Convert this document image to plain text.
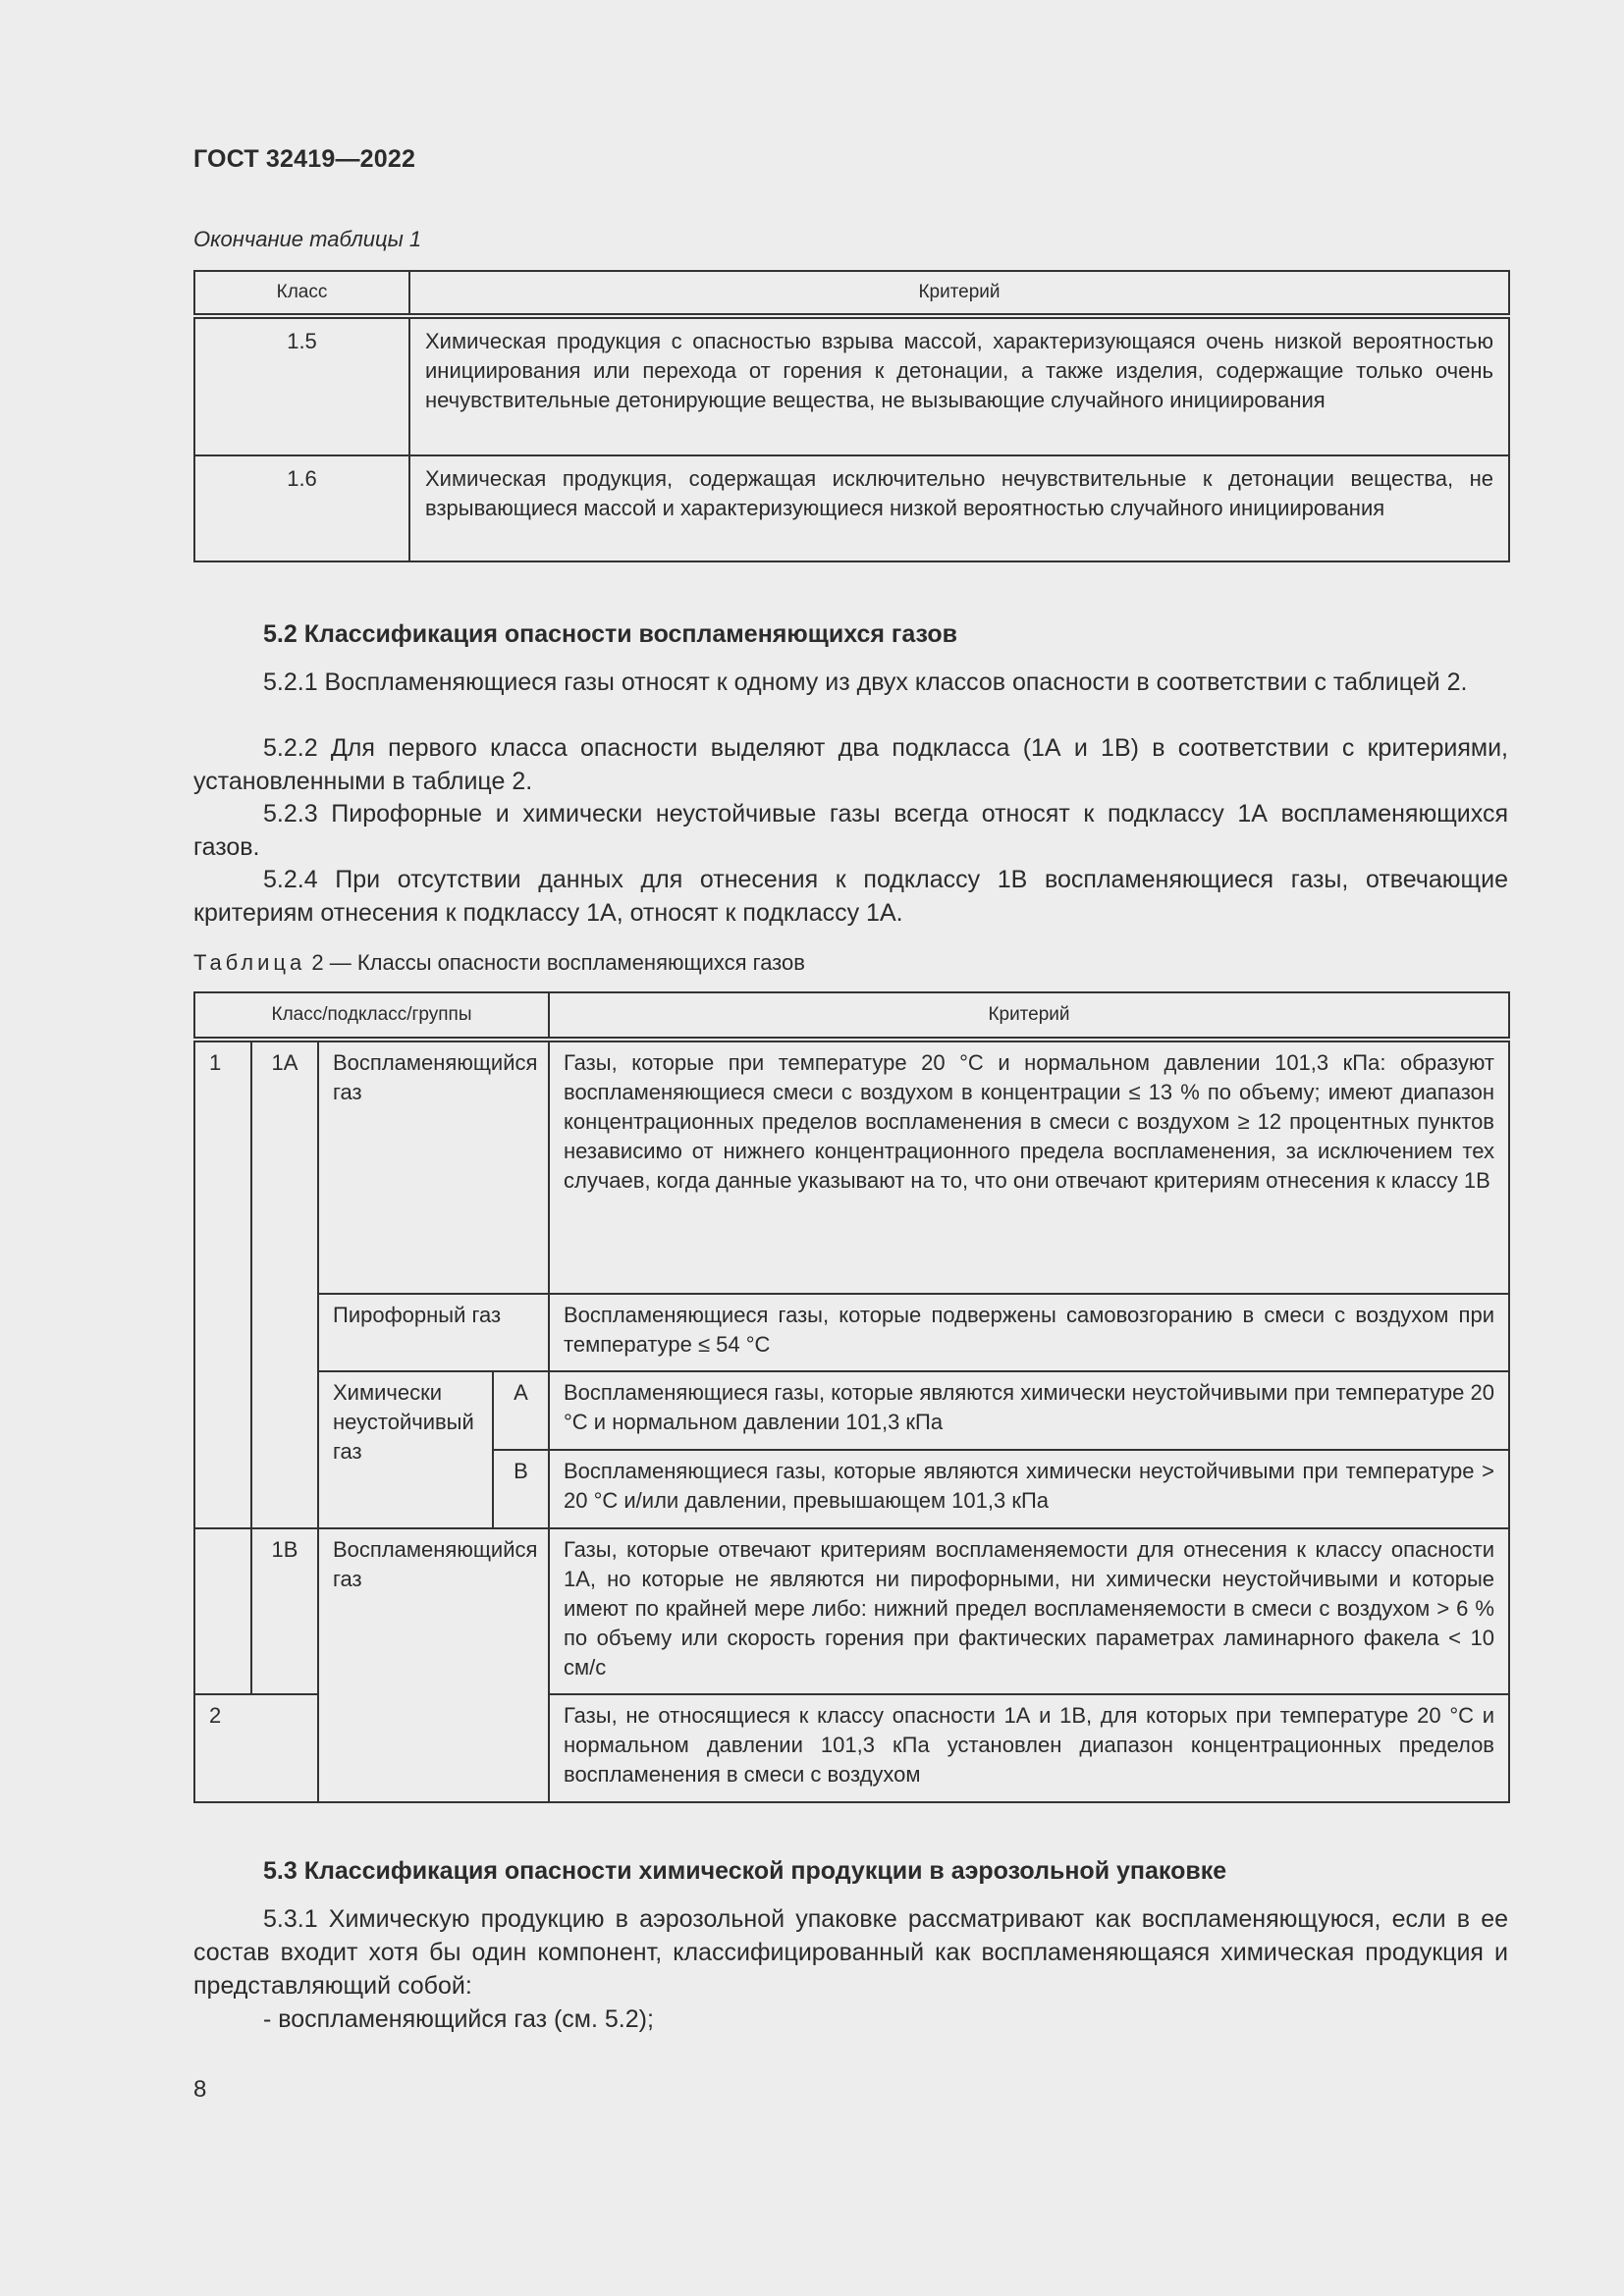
ГОСТ 32419—2022
Окончание таблицы 1
Класс	Критерий
1.5	Химическая продукция с опасностью взрыва массой, характеризующаяся очень низкой вероятностью инициирования или перехода от горения к детонации, а также изделия, содержащие только очень нечувствительные детонирующие вещества, не вызывающие случайного инициирования
1.6	Химическая продукция, содержащая исключительно нечувствительные к детонации вещества, не взрывающиеся массой и характеризующиеся низкой вероятностью случайного инициирования
5.2 Классификация опасности воспламеняющихся газов
5.2.1 Воспламеняющиеся газы относят к одному из двух классов опасности в соответствии с таблицей 2.
5.2.2 Для первого класса опасности выделяют два подкласса (1А и 1В) в соответствии с критериями, установленными в таблице 2.
5.2.3 Пирофорные и химически неустойчивые газы всегда относят к подклассу 1А воспламеняющихся газов.
5.2.4 При отсутствии данных для отнесения к подклассу 1В воспламеняющиеся газы, отвечающие критериям отнесения к подклассу 1А, относят к подклассу 1А.
Таблица 2 — Классы опасности воспламеняющихся газов
Класс/подкласс/группы				Критерий
1	1А	Воспламеняющийся газ		Газы, которые при температуре 20 °С и нормальном давлении 101,3 кПа: образуют воспламеняющиеся смеси с воздухом в концентрации ≤ 13 % по объему; имеют диапазон концентрационных пределов воспламенения в смеси с воздухом ≥ 12 процентных пунктов независимо от нижнего концентрационного предела воспламенения, за исключением тех случаев, когда данные указывают на то, что они отвечают критериям отнесения к классу 1В
		Пирофорный газ		Воспламеняющиеся газы, которые подвержены самовозгоранию в смеси с воздухом при температуре ≤ 54 °С
		Химически неустойчивый газ	А	Воспламеняющиеся газы, которые являются химически неустойчивыми при температуре 20 °С и нормальном давлении 101,3 кПа
			В	Воспламеняющиеся газы, которые являются химически неустойчивыми при температуре > 20 °С и/или давлении, превышающем 101,3 кПа
	1В	Воспламеняющийся газ		Газы, которые отвечают критериям воспламеняемости для отнесения к классу опасности 1А, но которые не являются ни пирофорными, ни химически неустойчивыми и которые имеют по крайней мере либо: нижний предел воспламеняемости в смеси с воздухом > 6 % по объему или скорость горения при фактических параметрах ламинарного факела < 10 см/с
2				Газы, не относящиеся к классу опасности 1А и 1В, для которых при температуре 20 °С и нормальном давлении 101,3 кПа установлен диапазон концентрационных пределов воспламенения в смеси с воздухом
5.3 Классификация опасности химической продукции в аэрозольной упаковке
5.3.1 Химическую продукцию в аэрозольной упаковке рассматривают как воспламеняющуюся, если в ее состав входит хотя бы один компонент, классифицированный как воспламеняющаяся химическая продукция и представляющий собой:
- воспламеняющийся газ (см. 5.2);
8
